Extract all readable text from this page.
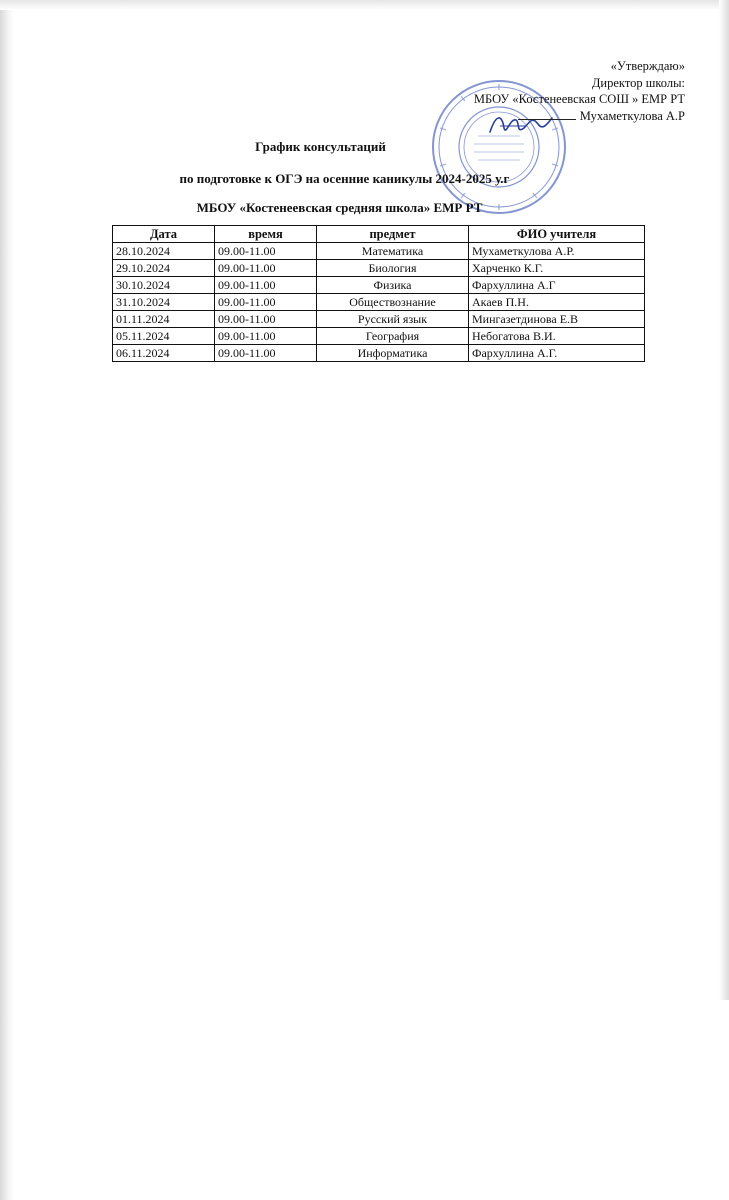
«Утверждаю»
Директор школы:
МБОУ «Костенеевская СОШ » ЕМР РТ
Мухаметкулова А.Р
График консультаций
по подготовке к ОГЭ на осенние каникулы 2024-2025 у.г
МБОУ «Костенеевская средняя школа» ЕМР РТ
Дата	время	предмет	ФИО учителя
28.10.2024	09.00-11.00	Математика	Мухаметкулова А.Р.
29.10.2024	09.00-11.00	Биология	Харченко К.Г.
30.10.2024	09.00-11.00	Физика	Фархуллина А.Г
31.10.2024	09.00-11.00	Обществознание	Акаев П.Н.
01.11.2024	09.00-11.00	Русский язык	Мингазетдинова Е.В
05.11.2024	09.00-11.00	География	Небогатова В.И.
06.11.2024	09.00-11.00	Информатика	Фархуллина А.Г.
